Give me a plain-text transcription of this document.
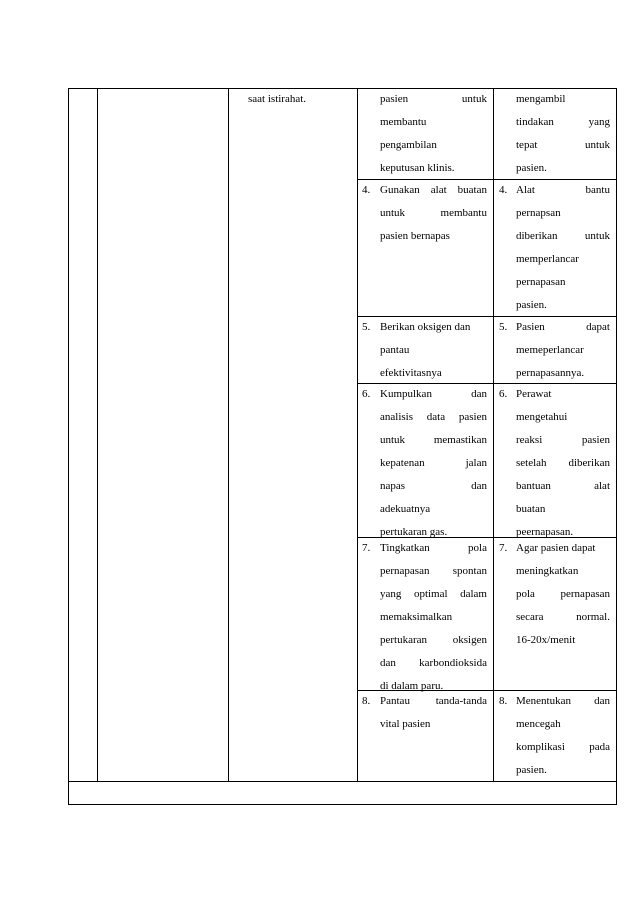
saat istirahat.	pasien untuk
membantu
pengambilan
keputusan klinis.
mengambil
tindakan yang
tepat untuk
pasien.
4. Gunakan alat buatan
untuk membantu
pasien bernapas
4. Alat bantu
pernapsan
diberikan untuk
memperlancar
pernapasan
pasien.
5. Berikan oksigen dan
pantau
efektivitasnya
5. Pasien dapat
memeperlancar
pernapasannya.
6. Kumpulkan dan
analisis data pasien
untuk memastikan
kepatenan jalan
napas dan
adekuatnya
pertukaran gas.
6. Perawat
mengetahui
reaksi pasien
setelah diberikan
bantuan alat
buatan
peernapasan.
7. Tingkatkan pola
pernapasan spontan
yang optimal dalam
memaksimalkan
pertukaran oksigen
dan karbondioksida
di dalam paru.
7. Agar pasien dapat
meningkatkan
pola pernapasan
secara normal.
16-20x/menit
8. Pantau tanda-tanda
vital pasien
8. Menentukan dan
mencegah
komplikasi pada
pasien.
